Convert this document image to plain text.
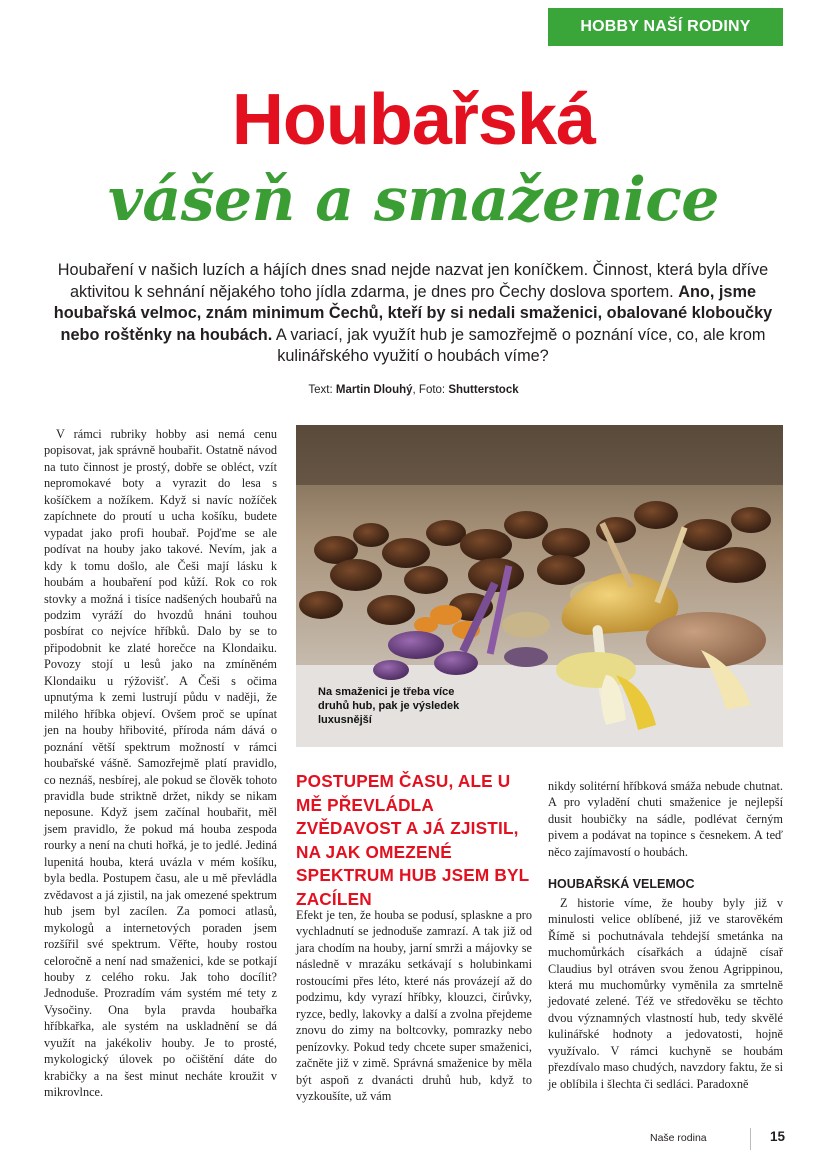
HOBBY NAŠÍ RODINY
Houbařská
vášeň a smaženice
Houbaření v našich luzích a hájích dnes snad nejde nazvat jen koníčkem. Činnost, která byla dříve aktivitou k sehnání nějakého toho jídla zdarma, je dnes pro Čechy doslova sportem. Ano, jsme houbařská velmoc, znám minimum Čechů, kteří by si nedali smaženici, obalované kloboučky nebo roštěnky na houbách. A variací, jak využít hub je samozřejmě o poznání více, co, ale krom kulinářského využití o houbách víme?
Text: Martin Dlouhý, Foto: Shutterstock

V rámci rubriky hobby asi nemá cenu popisovat, jak správně houbařit. Ostatně návod na tuto činnost je prostý, dobře se obléct, vzít nepromokavé boty a vyrazit do lesa s košíčkem a nožíkem. Když si navíc nožíček zapíchnete do proutí u ucha košíku, budete vypadat jako profi houbař. Pojďme se ale podívat na houby jako takové. Nevím, jak a kdy k tomu došlo, ale Češi mají lásku k houbám a houbaření pod kůží. Rok co rok stovky a možná i tisíce nadšených houbařů na podzim vyráží do hvozdů hnáni touhou posbírat co nejvíce hříbků. Dalo by se to připodobnit ke zlaté horečce na Klondaiku. Povozy stojí u lesů jako na zmíněném Klondaiku u rýžovišť. A Češi s očima upnutýma k zemi lustrují půdu v naději, že milého hříbka objeví. Ovšem proč se upínat jen na houby hřibovité, příroda nám dává o poznání větší spektrum možností v rámci houbařské vášně. Samozřejmě platí pravidlo, co neznáš, nesbírej, ale pokud se člověk tohoto pravidla bude striktně držet, nikdy se nikam neposune. Když jsem začínal houbařit, měl jsem pravidlo, že pokud má houba zespoda rourky a není na chuti hořká, je to jedlé. Jediná lupenitá houba, která uvázla v mém košíku, byla bedla. Postupem času, ale u mě převládla zvědavost a já zjistil, na jak omezené spektrum hub jsem byl zacílen. Za pomoci atlasů, mykologů a internetových poraden jsem rozšířil své spektrum. Věřte, houby rostou celoročně a není nad smaženici, kde se potkají houby z celého roku. Jak toho docílit? Jednoduše. Prozradím vám systém mé tety z Vysočiny. Ona byla pravda houbařka hříbkařka, ale systém na uskladnění se dá využít na jakékoliv houby. Je to prosté, mykologický úlovek po očištění dáte do krabičky a na šest minut necháte kroužit v mikrovlnce.

Na smaženici je třeba více druhů hub, pak je výsledek luxusnější
POSTUPEM ČASU, ALE U MĚ PŘEVLÁDLA ZVĚDAVOST A JÁ ZJISTIL, NA JAK OMEZENÉ SPEKTRUM HUB JSEM BYL ZACÍLEN

Efekt je ten, že houba se podusí, splaskne a pro vychladnutí se jednoduše zamrazí. A tak již od jara chodím na houby, jarní smrži a májovky se následně v mrazáku setkávají s holubinkami rostoucími přes léto, které nás provázejí až do podzimu, kdy vyrazí hříbky, klouzci, čirůvky, ryzce, bedly, lakovky a další a zvolna přejdeme znovu do zimy na boltcovky, pomrazky nebo penízovky. Pokud tedy chcete super smaženici, začněte již v zimě. Správná smaženice by měla být aspoň z dvanácti druhů hub, když to vyzkoušíte, už vám

nikdy solitérní hříbková smáža nebude chutnat. A pro vyladění chuti smaženice je nejlepší dusit houbičky na sádle, podlévat černým pivem a podávat na topince s česnekem. A teď něco zajímavostí o houbách.

HOUBAŘSKÁ VELEMOC

Z historie víme, že houby byly již v minulosti velice oblíbené, již ve starověkém Římě si pochutnávala tehdejší smetánka na muchomůrkách císařkách a údajně císař Claudius byl otráven svou ženou Agrippinou, která mu muchomůrky vyměnila za smrtelně jedovaté zelené. Též ve středověku se těchto dvou významných vlastností hub, tedy skvělé kulinářské hodnoty a jedovatosti, hojně využívalo. V rámci kuchyně se houbám přezdívalo maso chudých, navzdory faktu, že si je oblíbila i šlechta či sedláci. Paradoxně

Naše rodina	15
